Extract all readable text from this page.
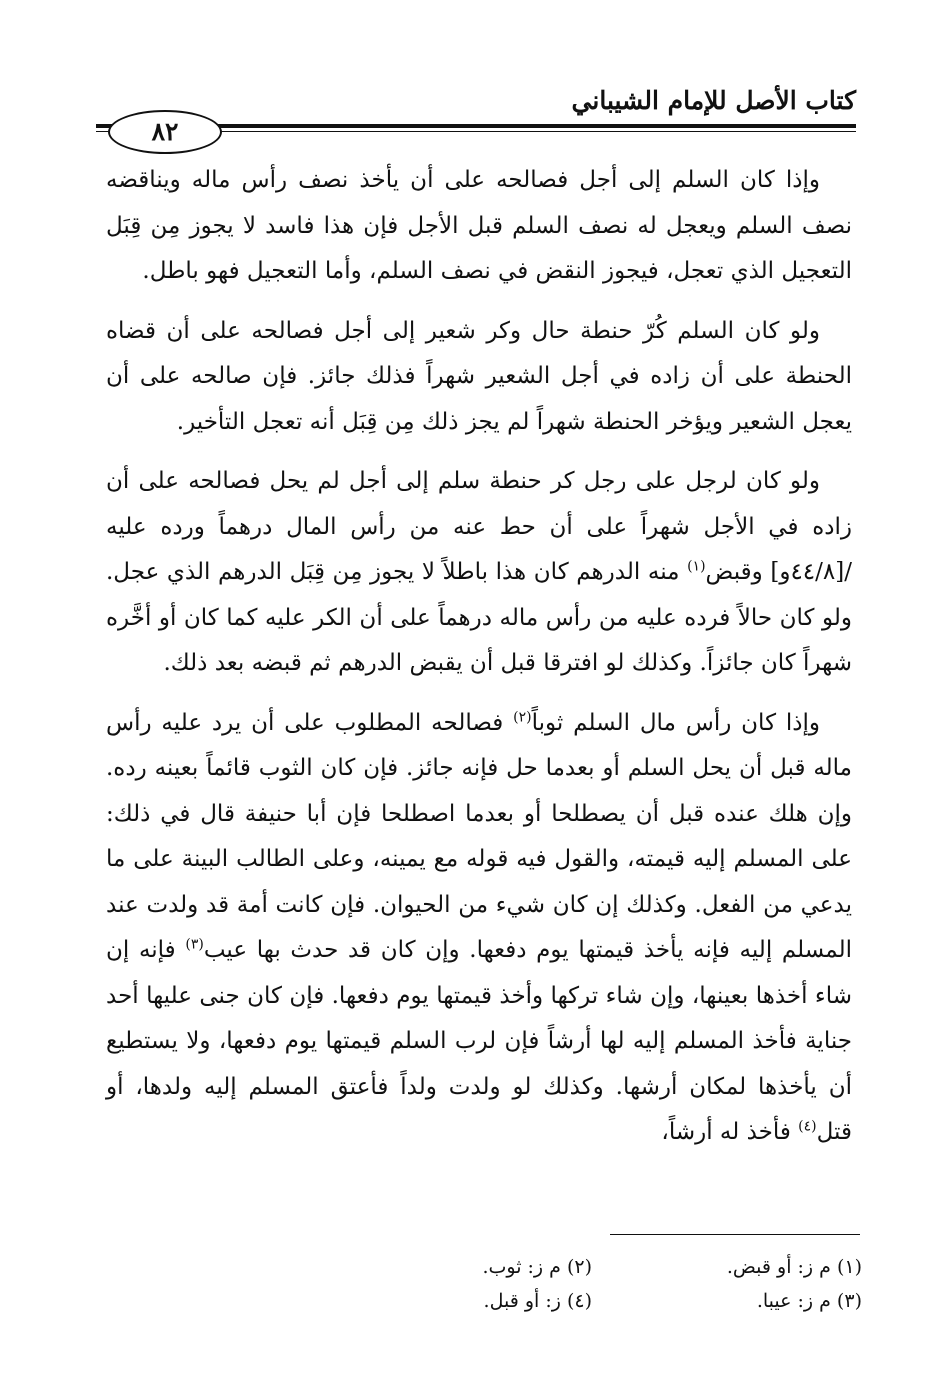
كتاب الأصل للإمام الشيباني
٨٢

وإذا كان السلم إلى أجل فصالحه على أن يأخذ نصف رأس ماله ويناقضه نصف السلم ويعجل له نصف السلم قبل الأجل فإن هذا فاسد لا يجوز مِن قِبَل التعجيل الذي تعجل، فيجوز النقض في نصف السلم، وأما التعجيل فهو باطل.

ولو كان السلم كُرّ حنطة حال وكر شعير إلى أجل فصالحه على أن قضاه الحنطة على أن زاده في أجل الشعير شهراً فذلك جائز. فإن صالحه على أن يعجل الشعير ويؤخر الحنطة شهراً لم يجز ذلك مِن قِبَل أنه تعجل التأخير.

ولو كان لرجل على رجل كر حنطة سلم إلى أجل لم يحل فصالحه على أن زاده في الأجل شهراً على أن حط عنه من رأس المال درهماً ورده عليه /[٤٤/٨و] وقبض$^{(١)}$ منه الدرهم كان هذا باطلاً لا يجوز مِن قِبَل الدرهم الذي عجل. ولو كان حالاً فرده عليه من رأس ماله درهماً على أن الكر عليه كما كان أو أخَّره شهراً كان جائزاً. وكذلك لو افترقا قبل أن يقبض الدرهم ثم قبضه بعد ذلك.

وإذا كان رأس مال السلم ثوباً$^{(٢)}$ فصالحه المطلوب على أن يرد عليه رأس ماله قبل أن يحل السلم أو بعدما حل فإنه جائز. فإن كان الثوب قائماً بعينه رده. وإن هلك عنده قبل أن يصطلحا أو بعدما اصطلحا فإن أبا حنيفة قال في ذلك: على المسلم إليه قيمته، والقول فيه قوله مع يمينه، وعلى الطالب البينة على ما يدعي من الفعل. وكذلك إن كان شيء من الحيوان. فإن كانت أمة قد ولدت عند المسلم إليه فإنه يأخذ قيمتها يوم دفعها. وإن كان قد حدث بها عيب$^{(٣)}$ فإنه إن شاء أخذها بعينها، وإن شاء تركها وأخذ قيمتها يوم دفعها. فإن كان جنى عليها أحد جناية فأخذ المسلم إليه لها أرشاً فإن لرب السلم قيمتها يوم دفعها، ولا يستطيع أن يأخذها لمكان أرشها. وكذلك لو ولدت ولداً فأعتق المسلم إليه ولدها، أو قتل$^{(٤)}$ فأخذ له أرشاً،

(١) م ز: أو قبض.
(٢) م ز: ثوب.
(٣) م ز: عيبا.
(٤) ز: أو قبل.
